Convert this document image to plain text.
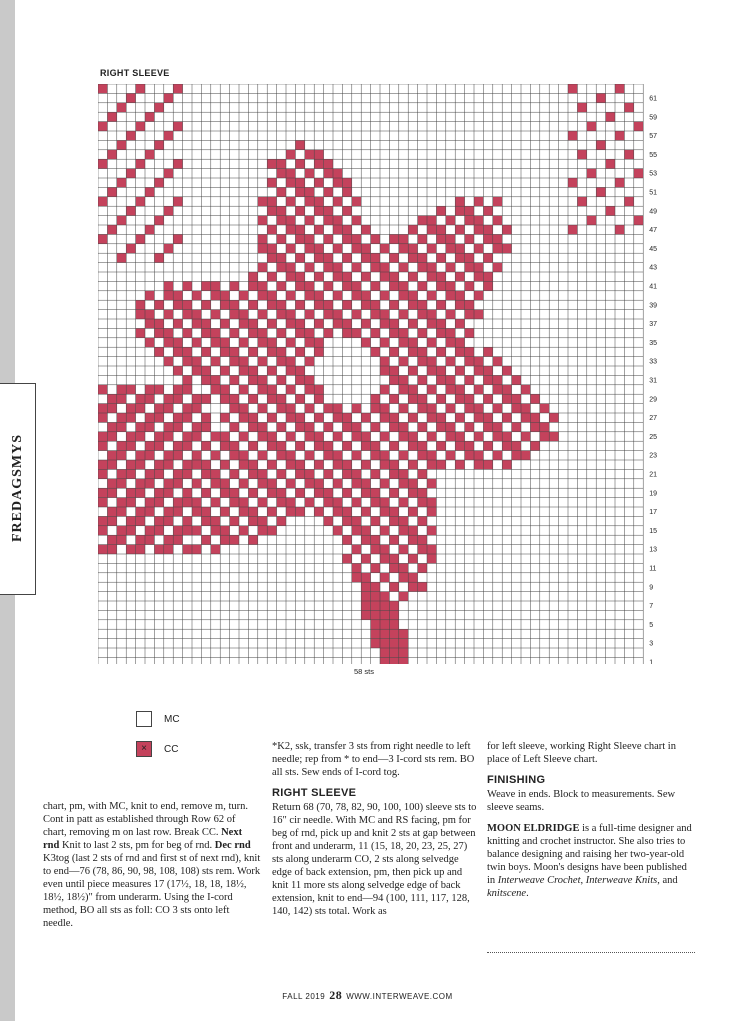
FREDAGSMYS
RIGHT SLEEVE
61
59
57
55
53
51
49
47
45
43
41
39
37
35
33
31
29
27
25
23
21
19
17
15
13
11
9
7
5
3
1
58 sts
MC
×	CC

chart, pm, with MC, knit to end, remove m, turn. Cont in patt as established through Row 62 of chart, removing m on last row. Break CC. Next rnd Knit to last 2 sts, pm for beg of rnd. Dec rnd K3tog (last 2 sts of rnd and first st of next rnd), knit to end—76 (78, 86, 90, 98, 108, 108) sts rem. Work even until piece measures 17 (17½, 18, 18, 18½, 18½, 18½)" from underarm. Using the I-cord method, BO all sts as foll: CO 3 sts onto left needle.

*K2, ssk, transfer 3 sts from right needle to left needle; rep from * to end—3 I-cord sts rem. BO all sts. Sew ends of I-cord tog.

RIGHT SLEEVE

Return 68 (70, 78, 82, 90, 100, 100) sleeve sts to 16" cir needle. With MC and RS facing, pm for beg of rnd, pick up and knit 2 sts at gap between front and underarm, 11 (15, 18, 20, 23, 25, 27) sts along underarm CO, 2 sts along selvedge edge of back extension, pm, then pick up and knit 11 more sts along selvedge edge of back extension, knit to end—94 (100, 111, 117, 128, 140, 142) sts total. Work as

for left sleeve, working Right Sleeve chart in place of Left Sleeve chart.

FINISHING

Weave in ends. Block to measurements. Sew sleeve seams.

MOON ELDRIDGE is a full-time designer and knitting and crochet instructor. She also tries to balance designing and raising her two-year-old twin boys. Moon's designs have been published in Interweave Crochet, Interweave Knits, and knitscene.

FALL 2019 28 WWW.INTERWEAVE.COM
